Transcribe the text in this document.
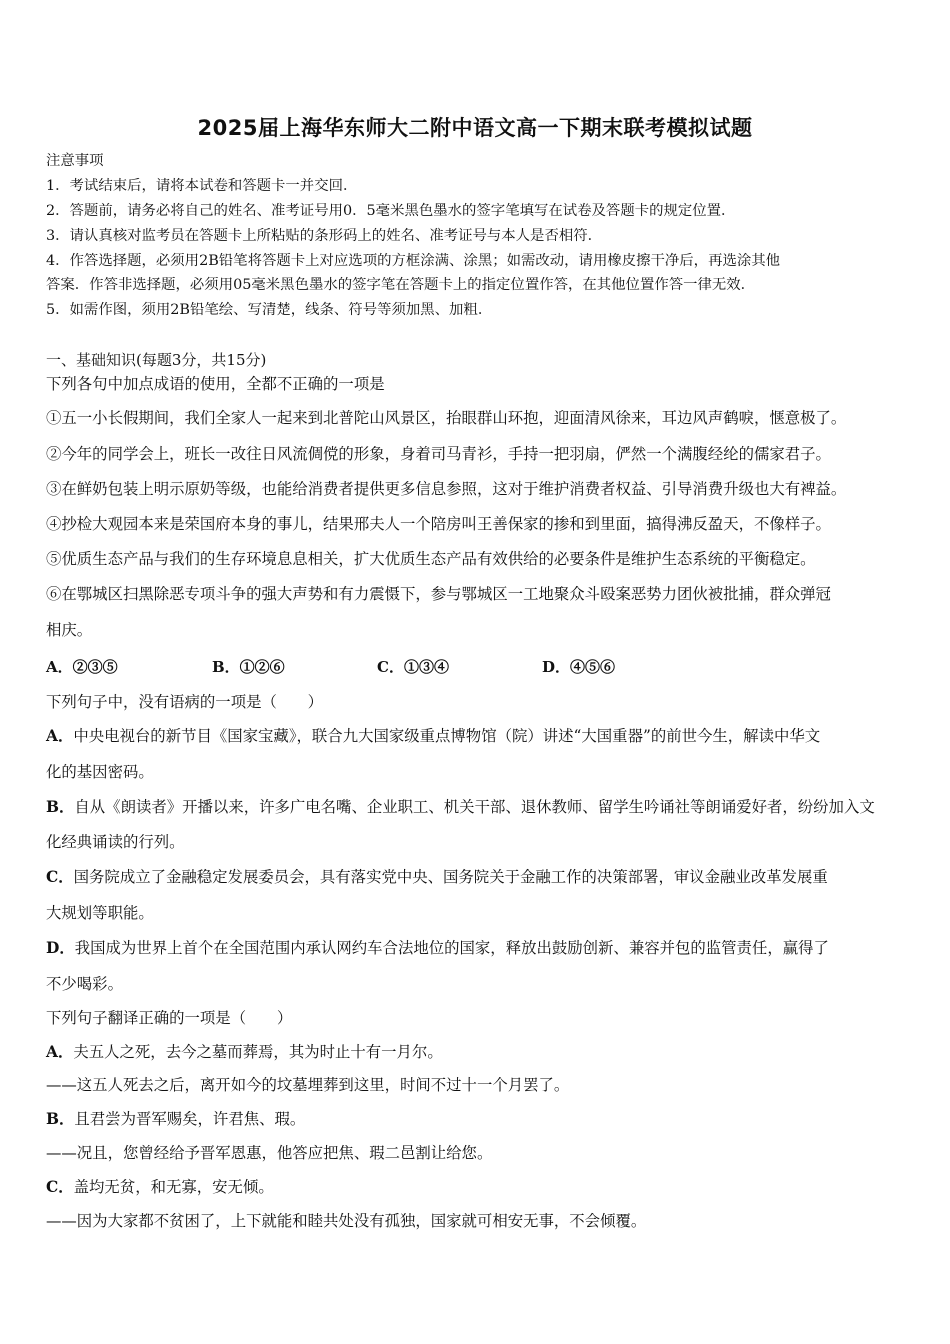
2025届上海华东师大二附中语文高一下期末联考模拟试题
注意事项
1．考试结束后，请将本试卷和答题卡一并交回．
2．答题前，请务必将自己的姓名、准考证号用0．5毫米黑色墨水的签字笔填写在试卷及答题卡的规定位置．
3．请认真核对监考员在答题卡上所粘贴的条形码上的姓名、准考证号与本人是否相符．
4．作答选择题，必须用2B铅笔将答题卡上对应选项的方框涂满、涂黑；如需改动，请用橡皮擦干净后，再选涂其他
答案．作答非选择题，必须用05毫米黑色墨水的签字笔在答题卡上的指定位置作答，在其他位置作答一律无效．
5．如需作图，须用2B铅笔绘、写清楚，线条、符号等须加黑、加粗．
一、基础知识(每题3分，共15分)
下列各句中加点成语的使用，全都不正确的一项是
①五一小长假期间，我们全家人一起来到北普陀山风景区，抬眼群山环抱，迎面清风徐来，耳边风声鹤唳，惬意极了。
②今年的同学会上，班长一改往日风流倜傥的形象，身着司马青衫，手持一把羽扇，俨然一个满腹经纶的儒家君子。
③在鲜奶包装上明示原奶等级，也能给消费者提供更多信息参照，这对于维护消费者权益、引导消费升级也大有裨益。
④抄检大观园本来是荣国府本身的事儿，结果邢夫人一个陪房叫王善保家的掺和到里面，搞得沸反盈天，不像样子。
⑤优质生态产品与我们的生存环境息息相关，扩大优质生态产品有效供给的必要条件是维护生态系统的平衡稳定。
⑥在鄂城区扫黑除恶专项斗争的强大声势和有力震慑下，参与鄂城区一工地聚众斗殴案恶势力团伙被批捕，群众弹冠
相庆。
A．②③⑤	B．①②⑥	C．①③④	D．④⑤⑥
下列句子中，没有语病的一项是（　　）
A．中央电视台的新节目《国家宝藏》，联合九大国家级重点博物馆（院）讲述“大国重器”的前世今生，解读中华文
化的基因密码。
B．自从《朗读者》开播以来，许多广电名嘴、企业职工、机关干部、退休教师、留学生吟诵社等朗诵爱好者，纷纷加入文
化经典诵读的行列。
C．国务院成立了金融稳定发展委员会，具有落实党中央、国务院关于金融工作的决策部署，审议金融业改革发展重
大规划等职能。
D．我国成为世界上首个在全国范围内承认网约车合法地位的国家，释放出鼓励创新、兼容并包的监管责任，赢得了
不少喝彩。
下列句子翻译正确的一项是（　　）
A．夫五人之死，去今之墓而葬焉，其为时止十有一月尔。
——这五人死去之后，离开如今的坟墓埋葬到这里，时间不过十一个月罢了。
B．且君尝为晋军赐矣，许君焦、瑕。
——况且，您曾经给予晋军恩惠，他答应把焦、瑕二邑割让给您。
C．盖均无贫，和无寡，安无倾。
——因为大家都不贫困了，上下就能和睦共处没有孤独，国家就可相安无事，不会倾覆。
